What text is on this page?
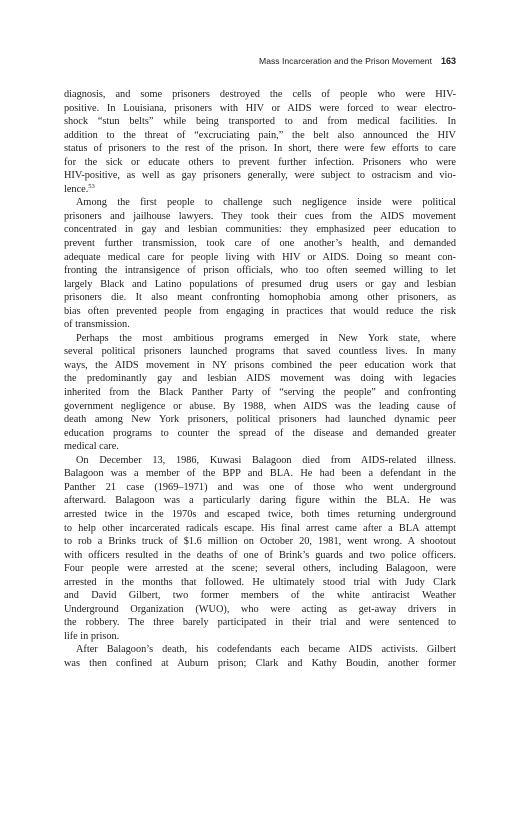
Mass Incarceration and the Prison Movement 163
diagnosis, and some prisoners destroyed the cells of people who were HIV-
positive. In Louisiana, prisoners with HIV or AIDS were forced to wear electro-
shock “stun belts” while being transported to and from medical facilities. In
addition to the threat of “excruciating pain,” the belt also announced the HIV
status of prisoners to the rest of the prison. In short, there were few efforts to care
for the sick or educate others to prevent further infection. Prisoners who were
HIV-positive, as well as gay prisoners generally, were subject to ostracism and vio-
lence.$^{53}$
Among the first people to challenge such negligence inside were political
prisoners and jailhouse lawyers. They took their cues from the AIDS movement
concentrated in gay and lesbian communities: they emphasized peer education to
prevent further transmission, took care of one another’s health, and demanded
adequate medical care for people living with HIV or AIDS. Doing so meant con-
fronting the intransigence of prison officials, who too often seemed willing to let
largely Black and Latino populations of presumed drug users or gay and lesbian
prisoners die. It also meant confronting homophobia among other prisoners, as
bias often prevented people from engaging in practices that would reduce the risk
of transmission.
Perhaps the most ambitious programs emerged in New York state, where
several political prisoners launched programs that saved countless lives. In many
ways, the AIDS movement in NY prisons combined the peer education work that
the predominantly gay and lesbian AIDS movement was doing with legacies
inherited from the Black Panther Party of “serving the people” and confronting
government negligence or abuse. By 1988, when AIDS was the leading cause of
death among New York prisoners, political prisoners had launched dynamic peer
education programs to counter the spread of the disease and demanded greater
medical care.
On December 13, 1986, Kuwasi Balagoon died from AIDS-related illness.
Balagoon was a member of the BPP and BLA. He had been a defendant in the
Panther 21 case (1969–1971) and was one of those who went underground
afterward. Balagoon was a particularly daring figure within the BLA. He was
arrested twice in the 1970s and escaped twice, both times returning underground
to help other incarcerated radicals escape. His final arrest came after a BLA attempt
to rob a Brinks truck of $1.6 million on October 20, 1981, went wrong. A shootout
with officers resulted in the deaths of one of Brink’s guards and two police officers.
Four people were arrested at the scene; several others, including Balagoon, were
arrested in the months that followed. He ultimately stood trial with Judy Clark
and David Gilbert, two former members of the white antiracist Weather
Underground Organization (WUO), who were acting as get-away drivers in
the robbery. The three barely participated in their trial and were sentenced to
life in prison.
After Balagoon’s death, his codefendants each became AIDS activists. Gilbert
was then confined at Auburn prison; Clark and Kathy Boudin, another former
